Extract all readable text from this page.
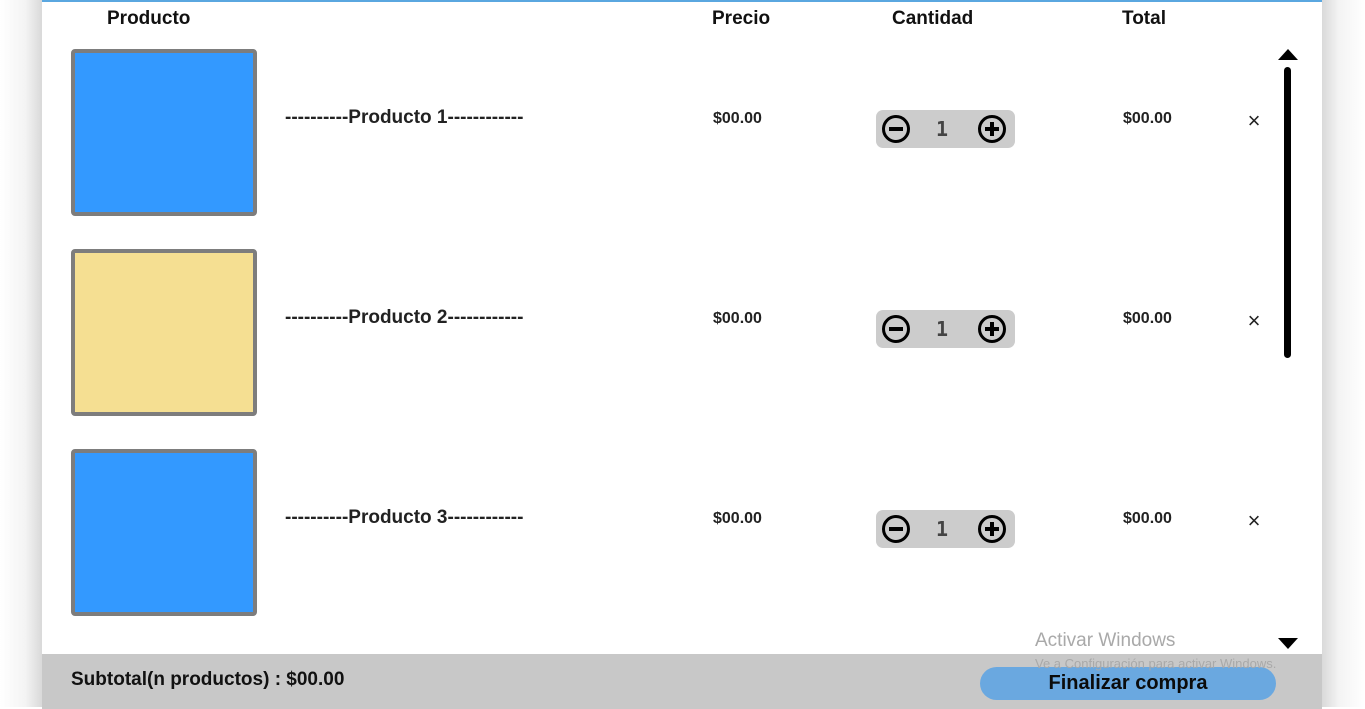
Producto	Precio	Cantidad	Total
----------Producto 1------------	$00.00	1	$00.00	×
----------Producto 2------------	$00.00	1	$00.00	×
----------Producto 3------------	$00.00	1	$00.00	×
Subtotal(n productos) : $00.00	Finalizar compra
Activar Windows
Ve a Configuración para activar Windows.
